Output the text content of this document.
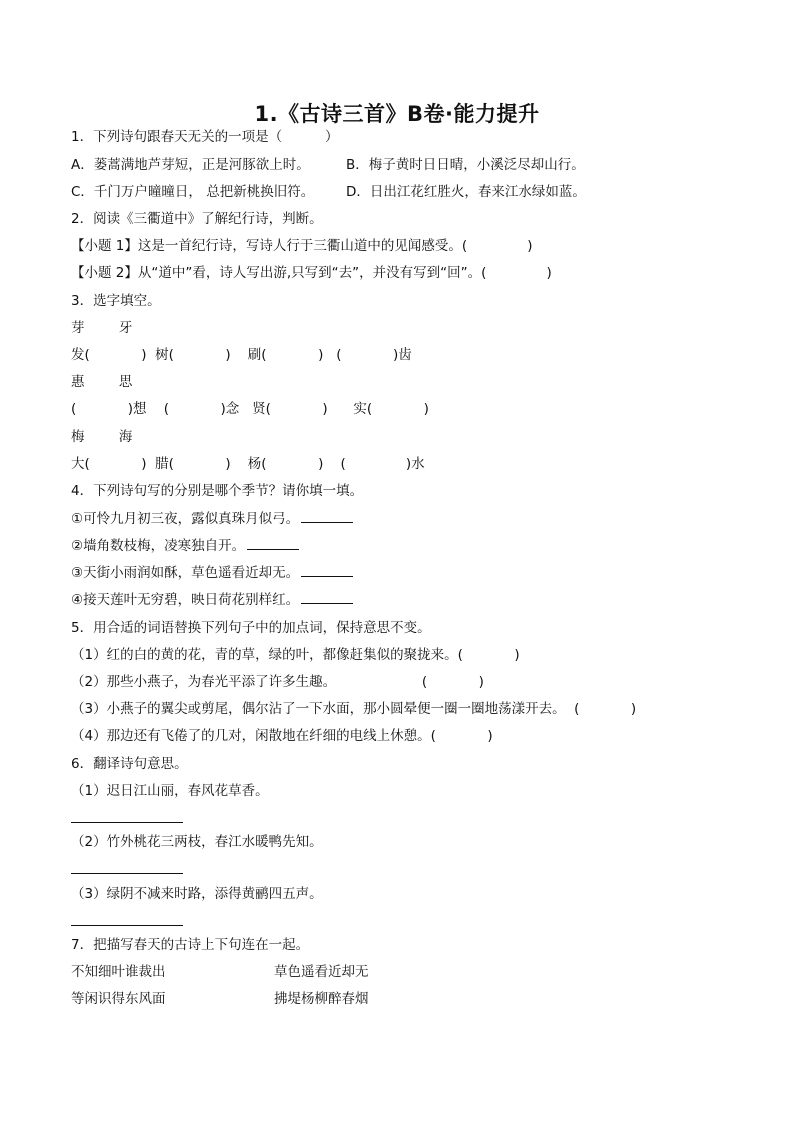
1.《古诗三首》B卷·能力提升
1．下列诗句跟春天无关的一项是（          ）
A．蒌蒿满地芦芽短，正是河豚欲上时。	B．梅子黄时日日晴，小溪泛尽却山行。
C．千门万户曈曈日， 总把新桃换旧符。 D．日出江花红胜火，春来江水绿如蓝。
2．阅读《三衢道中》了解纪行诗，判断。
【小题 1】这是一首纪行诗，写诗人行于三衢山道中的见闻感受。(              )
【小题 2】从“道中”看，诗人写出游,只写到“去”，并没有写到“回”。(              )
3．选字填空。
芽        牙
发(            )  树(            )    刷(            )   (            )齿
惠        思
(            )想    (            )念   贤(            )      实(            )
梅        海
大(            )  腊(            )    杨(            )    (              )水
4．下列诗句写的分别是哪个季节？请你填一填。
①可怜九月初三夜，露似真珠月似弓。
②墙角数枝梅，凌寒独自开。
③天街小雨润如酥，草色遥看近却无。
④接天莲叶无穷碧，映日荷花别样红。
5．用合适的词语替换下列句子中的加点词，保持意思不变。
（1）红的白的黄的花，青的草，绿的叶，都像赶集似的聚拢来。(            )
（2）那些小燕子，为春光平添了许多生趣。                    (            )
（3）小燕子的翼尖或剪尾，偶尔沾了一下水面，那小圆晕便一圈一圈地荡漾开去。  (            )
（4）那边还有飞倦了的几对，闲散地在纤细的电线上休憩。(            )
6．翻译诗句意思。
（1）迟日江山丽，春风花草香。
（2）竹外桃花三两枝，春江水暖鸭先知。
（3）绿阴不减来时路，添得黄鹂四五声。
7．把描写春天的古诗上下句连在一起。
不知细叶谁裁出	草色遥看近却无
等闲识得东风面	拂堤杨柳醉春烟
